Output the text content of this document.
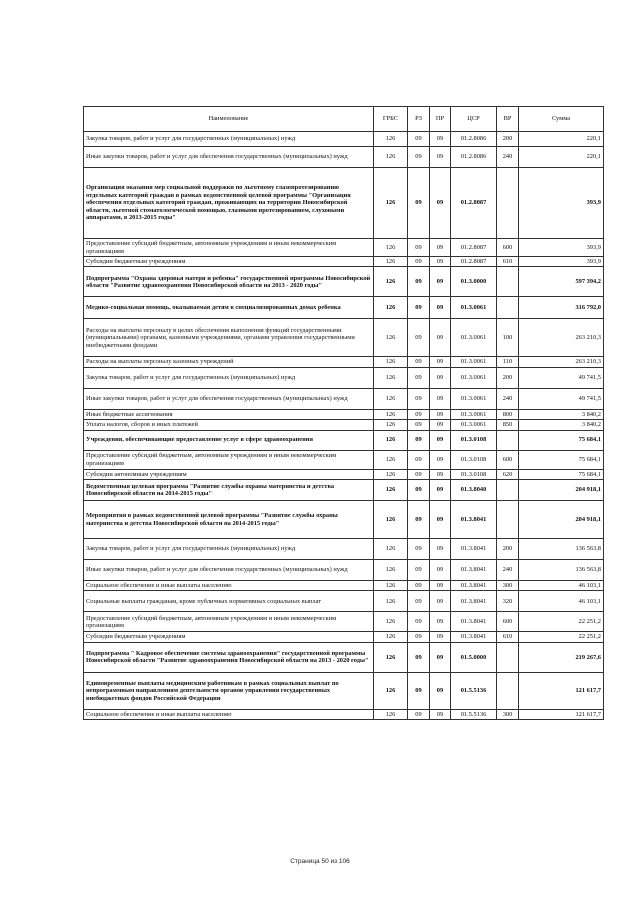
Наименование	ГРБС	РЗ	ПР	ЦСР	ВР	Сумма
Закупка товаров, работ и услуг для государственных (муниципальных) нужд	126	09	09	01.2.8086	200	220,1
Иные закупки товаров, работ и услуг для обеспечения государственных (муниципальных) нужд	126	09	09	01.2.8086	240	220,1
Организация оказания мер социальной поддержки по льготному глазопротезированию отдельных категорий граждан в рамках ведомственной целевой программы "Организация обеспечения отдельных категорий граждан, проживающих на территории Новосибирской области, льготной стоматологической помощью, глазными протезированием, слуховыми аппаратами, в 2013-2015 годы"	126	09	09	01.2.8087		393,9
Предоставление субсидий бюджетным, автономным учреждениям и иным некоммерческим организациям	126	09	09	01.2.8087	600	393,9
Субсидии бюджетным учреждениям	126	09	09	01.2.8087	610	393,9
Подпрограмма "Охрана здоровья матери и ребенка" государственной программы Новосибирской области "Развитие здравоохранения Новосибирской области на 2013 - 2020 годы"	126	09	09	01.3.0000		597 394,2
Медико-социальная помощь, оказываемая детям в специализированных домах ребенка	126	09	09	01.3.0061		316 792,0
Расходы на выплаты персоналу в целях обеспечения выполнения функций государственными (муниципальными) органами, казенными учреждениями, органами управления государственными внебюджетными фондами	126	09	09	01.3.0061	100	263 210,3
Расходы на выплаты персоналу казенных учреждений	126	09	09	01.3.0061	110	263 210,3
Закупка товаров, работ и услуг для государственных (муниципальных) нужд	126	09	09	01.3.0061	200	49 741,5
Иные закупки товаров, работ и услуг для обеспечения государственных (муниципальных) нужд	126	09	09	01.3.0061	240	49 741,5
Иные бюджетные ассигнования	126	09	09	01.3.0061	800	3 840,2
Уплата налогов, сборов и иных платежей	126	09	09	01.3.0061	850	3 840,2
Учреждения, обеспечивающие предоставление услуг в сфере здравоохранения	126	09	09	01.3.0108		75 684,1
Предоставление субсидий бюджетным, автономным учреждениям и иным некоммерческим организациям	126	09	09	01.3.0108	600	75 684,1
Субсидии автономным учреждениям	126	09	09	01.3.0108	620	75 684,1
Ведомственная целевая программа "Развитие службы охраны материнства и детства Новосибирской области на 2014-2015 годы"	126	09	09	01.3.8040		204 918,1
Мероприятия в рамках ведомственной целевой программы "Развитие службы охраны материнства и детства Новосибирской области на 2014-2015 годы"	126	09	09	01.3.8041		204 918,1
Закупка товаров, работ и услуг для государственных (муниципальных) нужд	126	09	09	01.3.8041	200	136 563,8
Иные закупки товаров, работ и услуг для обеспечения государственных (муниципальных) нужд	126	09	09	01.3.8041	240	136 563,8
Социальное обеспечение и иные выплаты населению	126	09	09	01.3.8041	300	46 103,1
Социальные выплаты гражданам, кроме публичных нормативных социальных выплат	126	09	09	01.3.8041	320	46 103,1
Предоставление субсидий бюджетным, автономным учреждениям и иным некоммерческим организациям	126	09	09	01.3.8041	600	22 251,2
Субсидии бюджетным учреждениям	126	09	09	01.3.8041	610	22 251,2
Подпрограмма " Кадровое обеспечение системы здравоохранения" государственной программы Новосибирской области "Развитие здравоохранения Новосибирской области на 2013 - 2020 годы"	126	09	09	01.5.0000		219 267,6
Единовременные выплаты медицинским работникам в рамках социальных выплат по непрограммным направлениям деятельности органов управления государственных внебюджетных фондов Российской Федерации	126	09	09	01.5.5136		121 617,7
Социальное обеспечение и иные выплаты населению	126	09	09	01.5.5136	300	121 617,7
Страница 50 из 106
